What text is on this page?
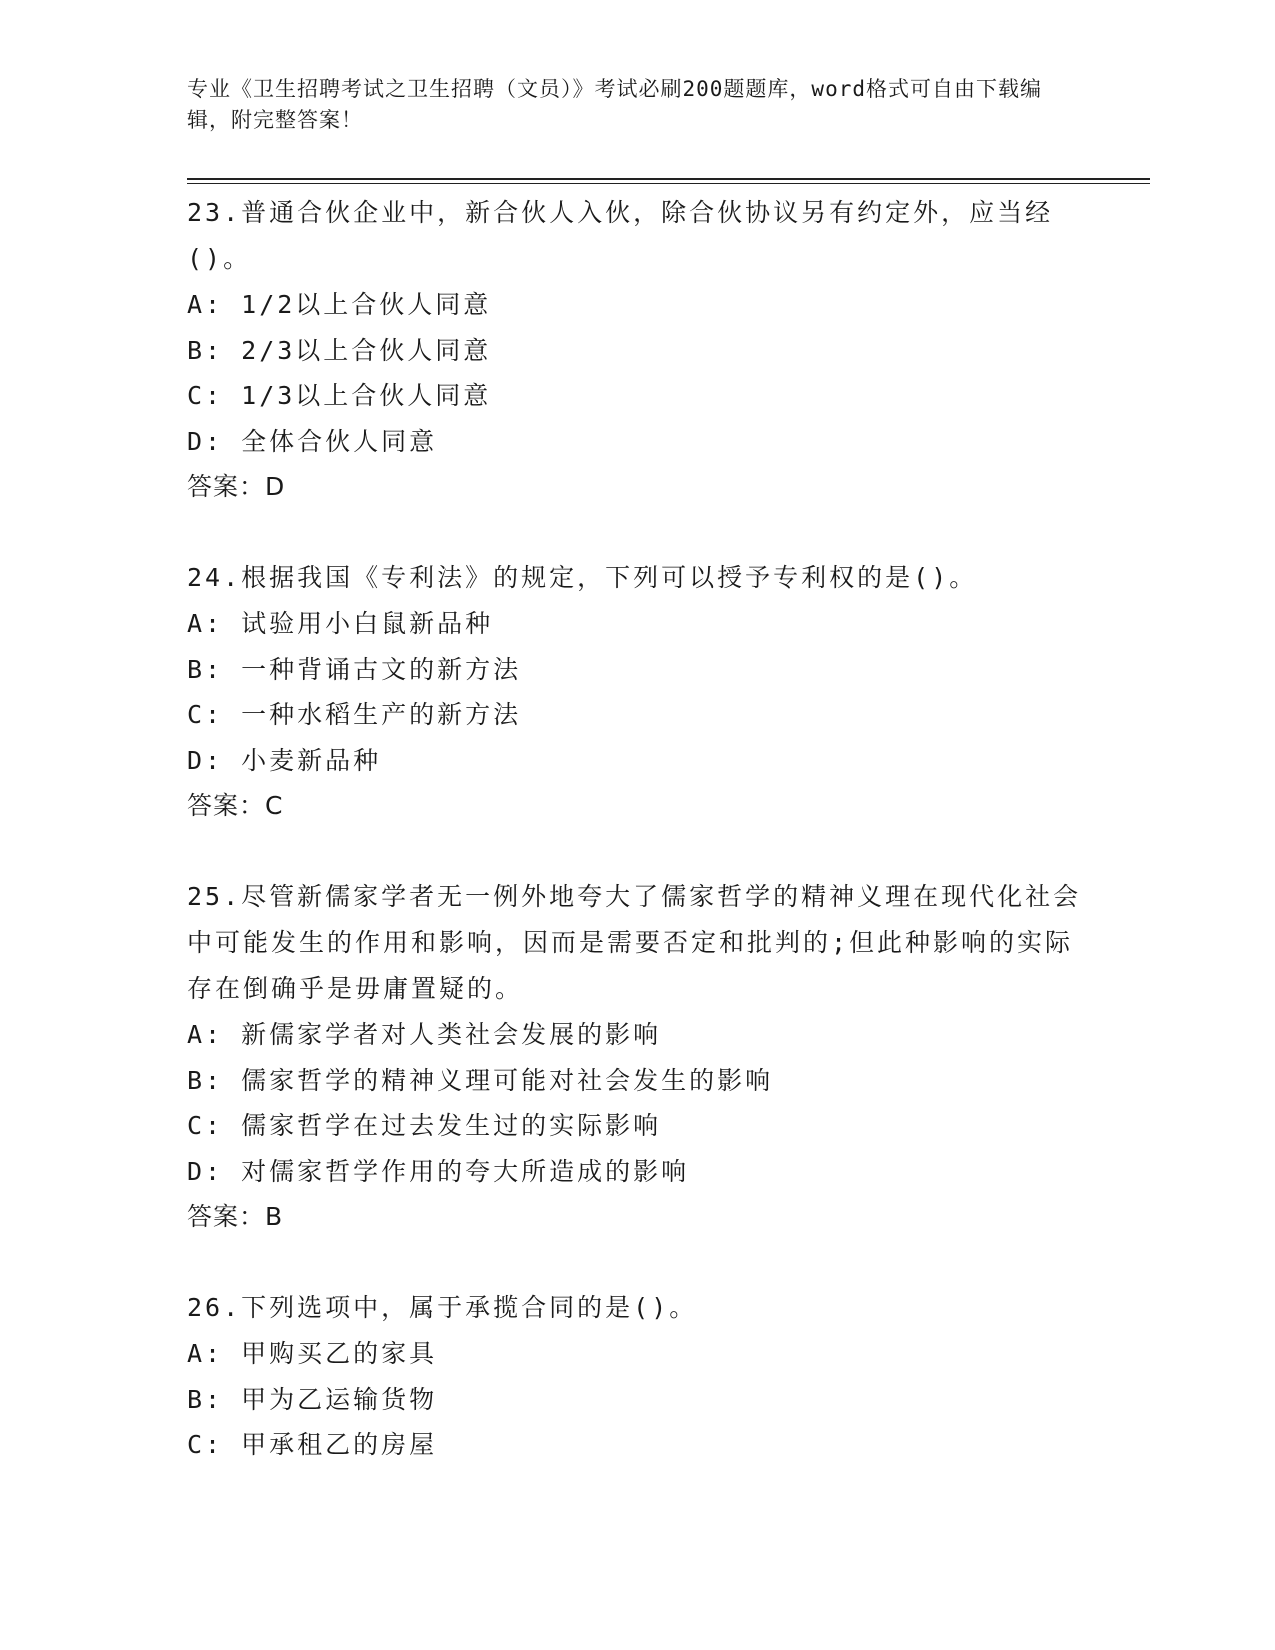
专业《卫生招聘考试之卫生招聘（文员）》考试必刷200题题库，word格式可自由下载编辑，附完整答案！

23.普通合伙企业中，新合伙人入伙，除合伙协议另有约定外，应当经()。

A: 1/2以上合伙人同意

B: 2/3以上合伙人同意

C: 1/3以上合伙人同意

D: 全体合伙人同意

答案：D

24.根据我国《专利法》的规定，下列可以授予专利权的是()。

A: 试验用小白鼠新品种

B: 一种背诵古文的新方法

C: 一种水稻生产的新方法

D: 小麦新品种

答案：C

25.尽管新儒家学者无一例外地夸大了儒家哲学的精神义理在现代化社会中可能发生的作用和影响，因而是需要否定和批判的;但此种影响的实际存在倒确乎是毋庸置疑的。

A: 新儒家学者对人类社会发展的影响

B: 儒家哲学的精神义理可能对社会发生的影响

C: 儒家哲学在过去发生过的实际影响

D: 对儒家哲学作用的夸大所造成的影响

答案：B

26.下列选项中，属于承揽合同的是()。

A: 甲购买乙的家具

B: 甲为乙运输货物

C: 甲承租乙的房屋
